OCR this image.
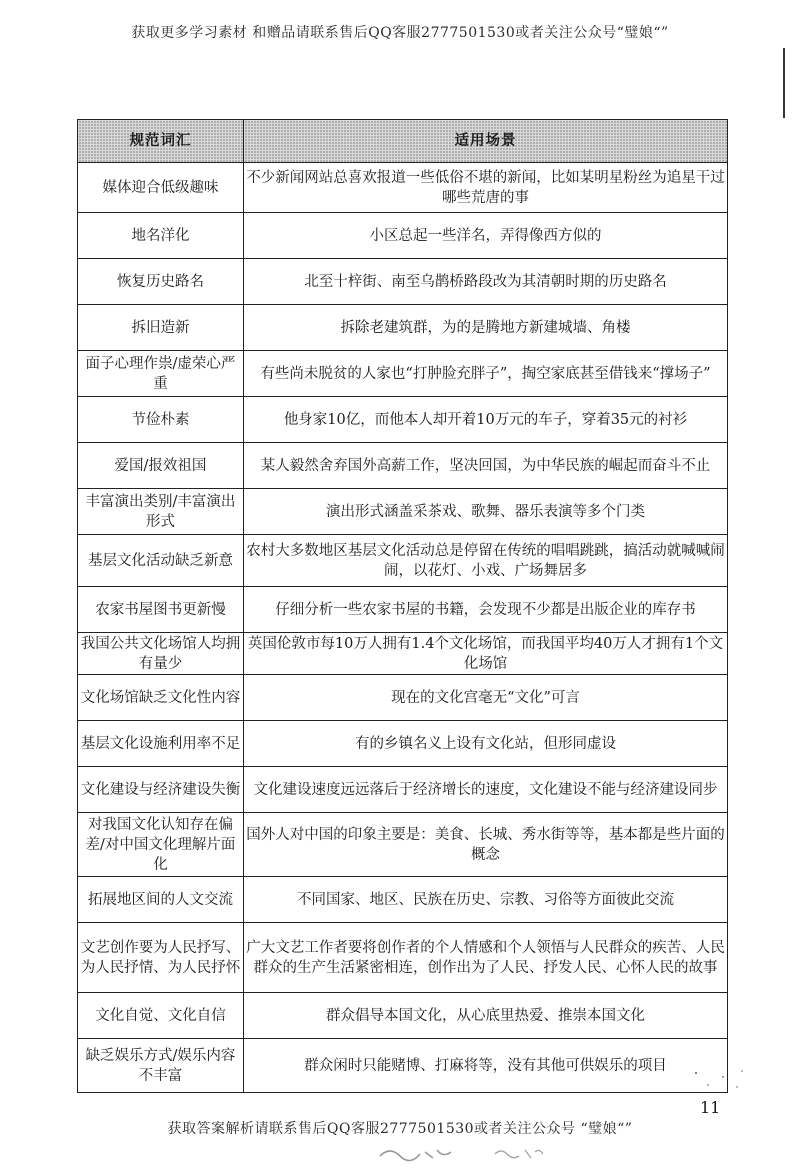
获取更多学习素材 和赠品请联系售后QQ客服2777501530或者关注公众号“璧娘“”
规范词汇	适用场景
媒体迎合低级趣味	不少新闻网站总喜欢报道一些低俗不堪的新闻，比如某明星粉丝为追星干过哪些荒唐的事
地名洋化	小区总起一些洋名，弄得像西方似的
恢复历史路名	北至十梓街、南至乌鹊桥路段改为其清朝时期的历史路名
拆旧造新	拆除老建筑群，为的是腾地方新建城墙、角楼
面子心理作祟/虚荣心严重	有些尚未脱贫的人家也“打肿脸充胖子”，掏空家底甚至借钱来“撑场子”
节俭朴素	他身家10亿，而他本人却开着10万元的车子，穿着35元的衬衫
爱国/报效祖国	某人毅然舍弃国外高薪工作，坚决回国，为中华民族的崛起而奋斗不止
丰富演出类别/丰富演出形式	演出形式涵盖采茶戏、歌舞、器乐表演等多个门类
基层文化活动缺乏新意	农村大多数地区基层文化活动总是停留在传统的唱唱跳跳，搞活动就喊喊闹闹，以花灯、小戏、广场舞居多
农家书屋图书更新慢	仔细分析一些农家书屋的书籍，会发现不少都是出版企业的库存书
我国公共文化场馆人均拥有量少	英国伦敦市每10万人拥有1.4个文化场馆，而我国平均40万人才拥有1个文化场馆
文化场馆缺乏文化性内容	现在的文化宫毫无“文化”可言
基层文化设施利用率不足	有的乡镇名义上设有文化站，但形同虚设
文化建设与经济建设失衡	文化建设速度远远落后于经济增长的速度，文化建设不能与经济建设同步
对我国文化认知存在偏差/对中国文化理解片面化	国外人对中国的印象主要是：美食、长城、秀水街等等，基本都是些片面的概念
拓展地区间的人文交流	不同国家、地区、民族在历史、宗教、习俗等方面彼此交流
文艺创作要为人民抒写、为人民抒情、为人民抒怀	广大文艺工作者要将创作者的个人情感和个人领悟与人民群众的疾苦、人民群众的生产生活紧密相连，创作出为了人民、抒发人民、心怀人民的故事
文化自觉、文化自信	群众倡导本国文化，从心底里热爱、推崇本国文化
缺乏娱乐方式/娱乐内容不丰富	群众闲时只能赌博、打麻将等，没有其他可供娱乐的项目
11
获取答案解析请联系售后QQ客服2777501530或者关注公众号 “璧娘“”
